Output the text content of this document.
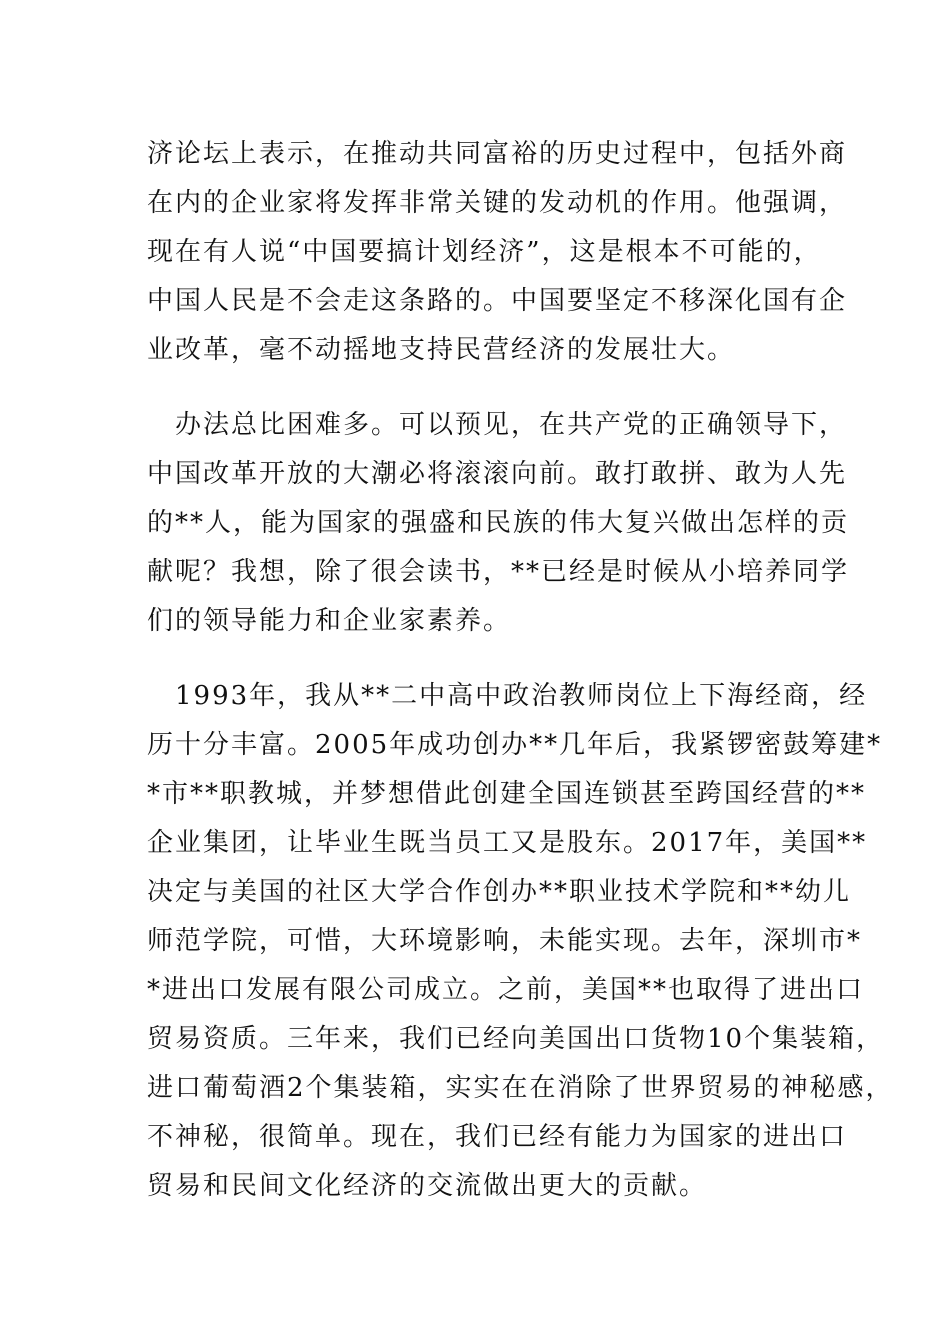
济论坛上表示，在推动共同富裕的历史过程中，包括外商
在内的企业家将发挥非常关键的发动机的作用。他强调，
现在有人说“中国要搞计划经济”，这是根本不可能的，
中国人民是不会走这条路的。中国要坚定不移深化国有企
业改革，毫不动摇地支持民营经济的发展壮大。
　办法总比困难多。可以预见，在共产党的正确领导下，
中国改革开放的大潮必将滚滚向前。敢打敢拼、敢为人先
的**人，能为国家的强盛和民族的伟大复兴做出怎样的贡
献呢？我想，除了很会读书，**已经是时候从小培养同学
们的领导能力和企业家素养。
　1993年，我从**二中高中政治教师岗位上下海经商，经
历十分丰富。2005年成功创办**几年后，我紧锣密鼓筹建*
*市**职教城，并梦想借此创建全国连锁甚至跨国经营的**
企业集团，让毕业生既当员工又是股东。2017年，美国**
决定与美国的社区大学合作创办**职业技术学院和**幼儿
师范学院，可惜，大环境影响，未能实现。去年，深圳市*
*进出口发展有限公司成立。之前，美国**也取得了进出口
贸易资质。三年来，我们已经向美国出口货物10个集装箱，
进口葡萄酒2个集装箱，实实在在消除了世界贸易的神秘感，
不神秘，很简单。现在，我们已经有能力为国家的进出口
贸易和民间文化经济的交流做出更大的贡献。
